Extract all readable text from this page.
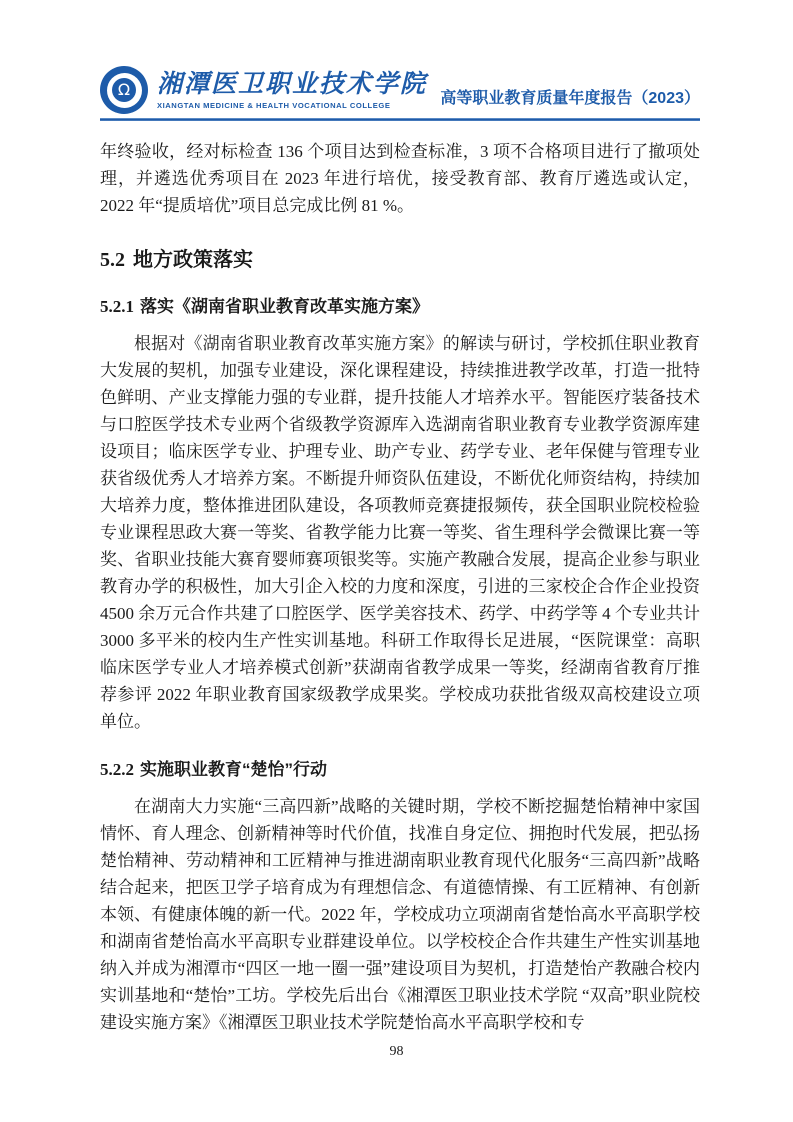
Ω 湘潭医卫职业技术学院
XIANGTAN MEDICINE & HEALTH VOCATIONAL COLLEGE	高等职业教育质量年度报告（2023）

年终验收，经对标检查 136 个项目达到检查标准，3 项不合格项目进行了撤项处理，并遴选优秀项目在 2023 年进行培优，接受教育部、教育厅遴选或认定，2022 年“提质培优”项目总完成比例 81 %。

5.2 地方政策落实
5.2.1 落实《湖南省职业教育改革实施方案》

根据对《湖南省职业教育改革实施方案》的解读与研讨，学校抓住职业教育大发展的契机，加强专业建设，深化课程建设，持续推进教学改革，打造一批特色鲜明、产业支撑能力强的专业群，提升技能人才培养水平。智能医疗装备技术与口腔医学技术专业两个省级教学资源库入选湖南省职业教育专业教学资源库建设项目；临床医学专业、护理专业、助产专业、药学专业、老年保健与管理专业获省级优秀人才培养方案。不断提升师资队伍建设，不断优化师资结构，持续加大培养力度，整体推进团队建设，各项教师竞赛捷报频传，获全国职业院校检验专业课程思政大赛一等奖、省教学能力比赛一等奖、省生理科学会微课比赛一等奖、省职业技能大赛育婴师赛项银奖等。实施产教融合发展，提高企业参与职业教育办学的积极性，加大引企入校的力度和深度，引进的三家校企合作企业投资 4500 余万元合作共建了口腔医学、医学美容技术、药学、中药学等 4 个专业共计 3000 多平米的校内生产性实训基地。科研工作取得长足进展，“医院课堂：高职临床医学专业人才培养模式创新”获湖南省教学成果一等奖，经湖南省教育厅推荐参评 2022 年职业教育国家级教学成果奖。学校成功获批省级双高校建设立项单位。

5.2.2 实施职业教育“楚怡”行动

在湖南大力实施“三高四新”战略的关键时期，学校不断挖掘楚怡精神中家国情怀、育人理念、创新精神等时代价值，找准自身定位、拥抱时代发展，把弘扬楚怡精神、劳动精神和工匠精神与推进湖南职业教育现代化服务“三高四新”战略结合起来，把医卫学子培育成为有理想信念、有道德情操、有工匠精神、有创新本领、有健康体魄的新一代。2022 年，学校成功立项湖南省楚怡高水平高职学校和湖南省楚怡高水平高职专业群建设单位。以学校校企合作共建生产性实训基地纳入并成为湘潭市“四区一地一圈一强”建设项目为契机，打造楚怡产教融合校内实训基地和“楚怡”工坊。学校先后出台《湘潭医卫职业技术学院 “双高”职业院校建设实施方案》《湘潭医卫职业技术学院楚怡高水平高职学校和专

98
